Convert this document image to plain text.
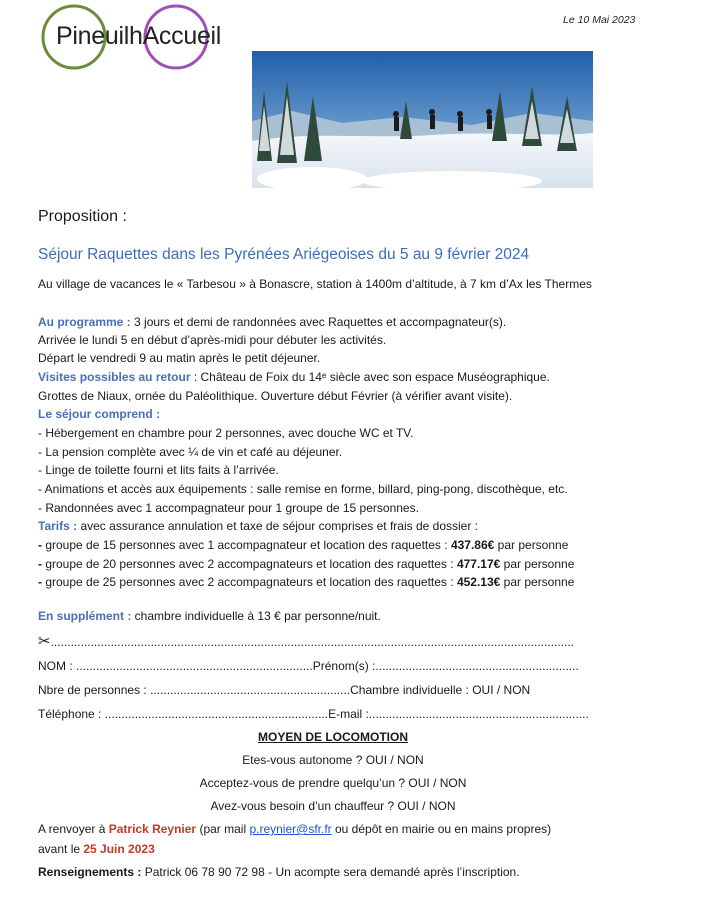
PineuilhAccueil
Le 10 Mai 2023
Proposition :
Séjour Raquettes dans les Pyrénées Ariégeoises du 5 au 9 février 2024
Au village de vacances le « Tarbesou » à Bonascre, station à 1400m d’altitude, à 7 km d’Ax les Thermes
Au programme : 3 jours et demi de randonnées avec Raquettes et accompagnateur(s).
Arrivée le lundi 5 en début d’après-midi pour débuter les activités.
Départ le vendredi 9 au matin après le petit déjeuner.
Visites possibles au retour : Château de Foix du 14ᵉ siècle avec son espace Muséographique.
Grottes de Niaux, ornée du Paléolithique. Ouverture début Février (à vérifier avant visite).
Le séjour comprend :
- Hébergement en chambre pour 2 personnes, avec douche WC et TV.
- La pension complète avec ¼ de vin et café au déjeuner.
- Linge de toilette fourni et lits faits à l’arrivée.
- Animations et accès aux équipements : salle remise en forme, billard, ping-pong, discothèque, etc.
- Randonnées avec 1 accompagnateur pour 1 groupe de 15 personnes.
Tarifs : avec assurance annulation et taxe de séjour comprises et frais de dossier :
- groupe de 15 personnes avec 1 accompagnateur et location des raquettes : 437.86€ par personne
- groupe de 20 personnes avec 2 accompagnateurs et location des raquettes : 477.17€ par personne
- groupe de 25 personnes avec 2 accompagnateurs et location des raquettes : 452.13€ par personne
En supplément : chambre individuelle à 13 € par personne/nuit.
✂.............................................................................................................................................................
NOM : .......................................................................Prénom(s) :.............................................................
Nbre de personnes : ............................................................Chambre individuelle : OUI / NON
Téléphone : ...................................................................E-mail :..................................................................
MOYEN DE LOCOMOTION
Etes-vous autonome ? OUI / NON
Acceptez-vous de prendre quelqu’un ? OUI / NON
Avez-vous besoin d’un chauffeur ? OUI / NON
A renvoyer à Patrick Reynier (par mail p.reynier@sfr.fr ou dépôt en mairie ou en mains propres)
avant le 25 Juin 2023
Renseignements : Patrick 06 78 90 72 98 - Un acompte sera demandé après l’inscription.
